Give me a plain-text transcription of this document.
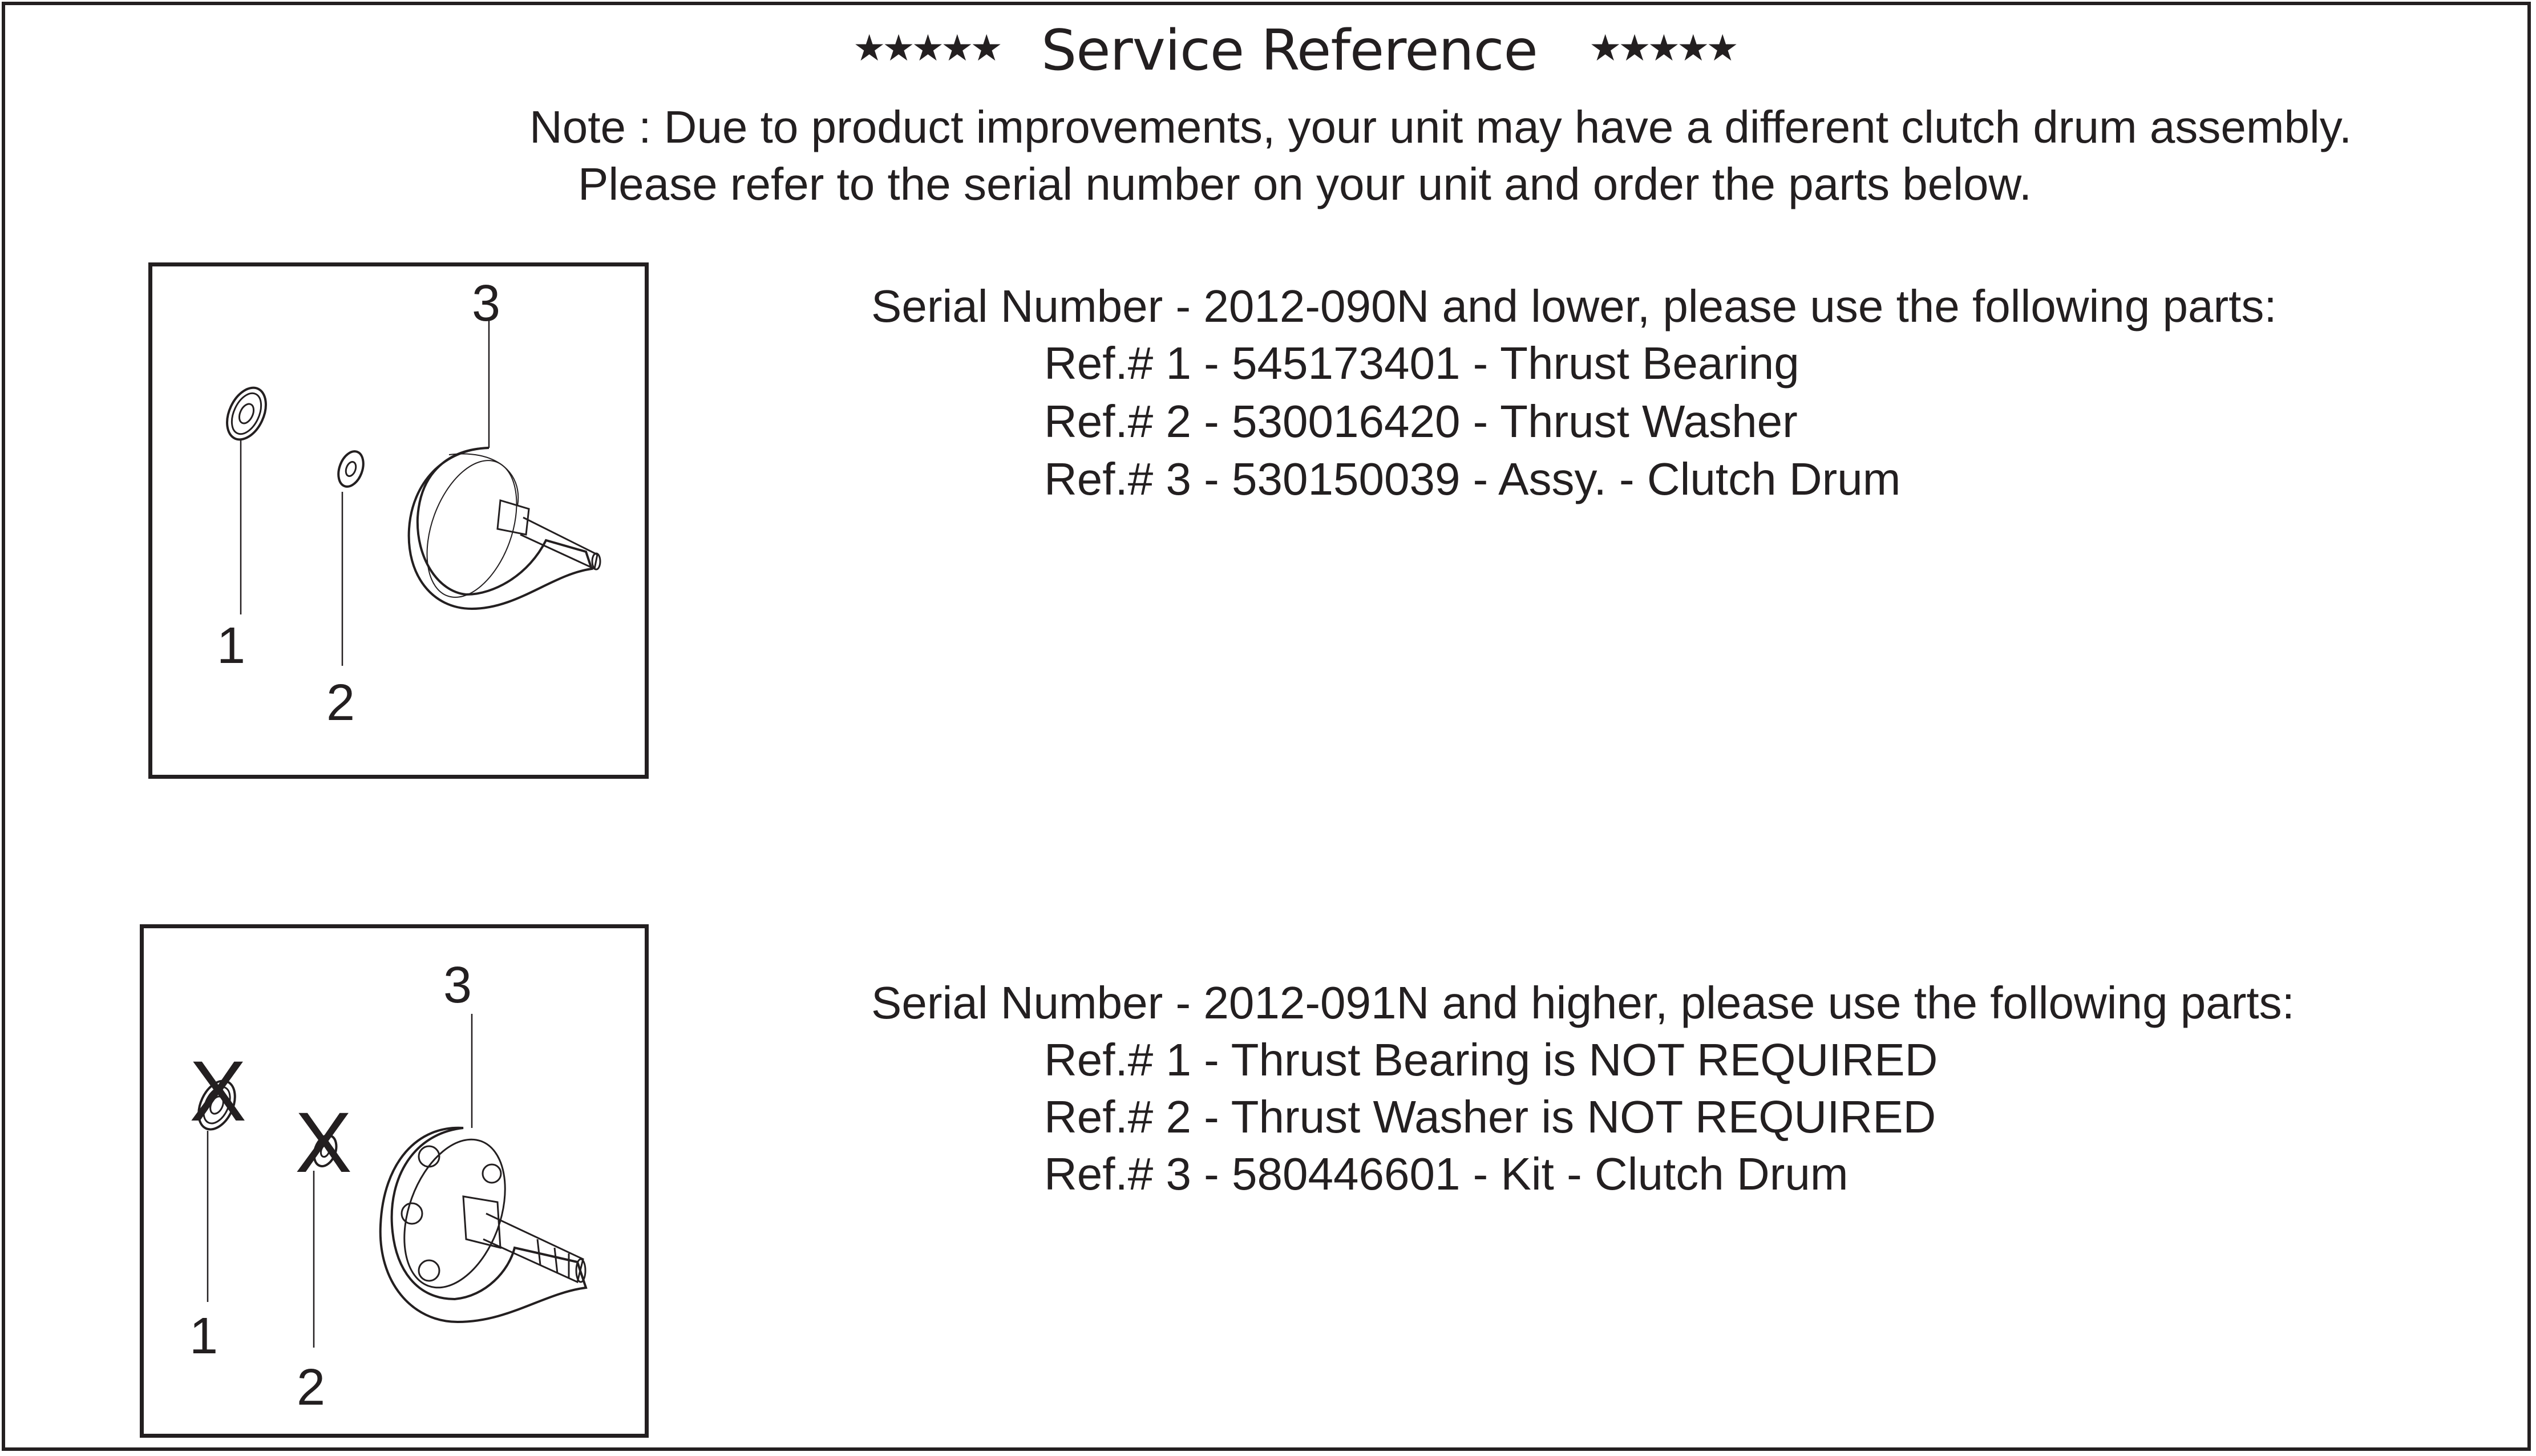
★★★★★ Service Reference ★★★★★
Note : Due to product improvements, your unit may have a different clutch drum assembly.
Please refer to the serial number on your unit and order the parts below.
1
2
3	Serial Number - 2012-090N and lower, please use the following parts:
Ref.# 1 - 545173401 - Thrust Bearing
Ref.# 2 - 530016420 - Thrust Washer
Ref.# 3 - 530150039 - Assy. - Clutch Drum
X
X
1
2
3	Serial Number - 2012-091N and higher, please use the following parts:
Ref.# 1 - Thrust Bearing is NOT REQUIRED
Ref.# 2 - Thrust Washer is NOT REQUIRED
Ref.# 3 - 580446601 - Kit - Clutch Drum
